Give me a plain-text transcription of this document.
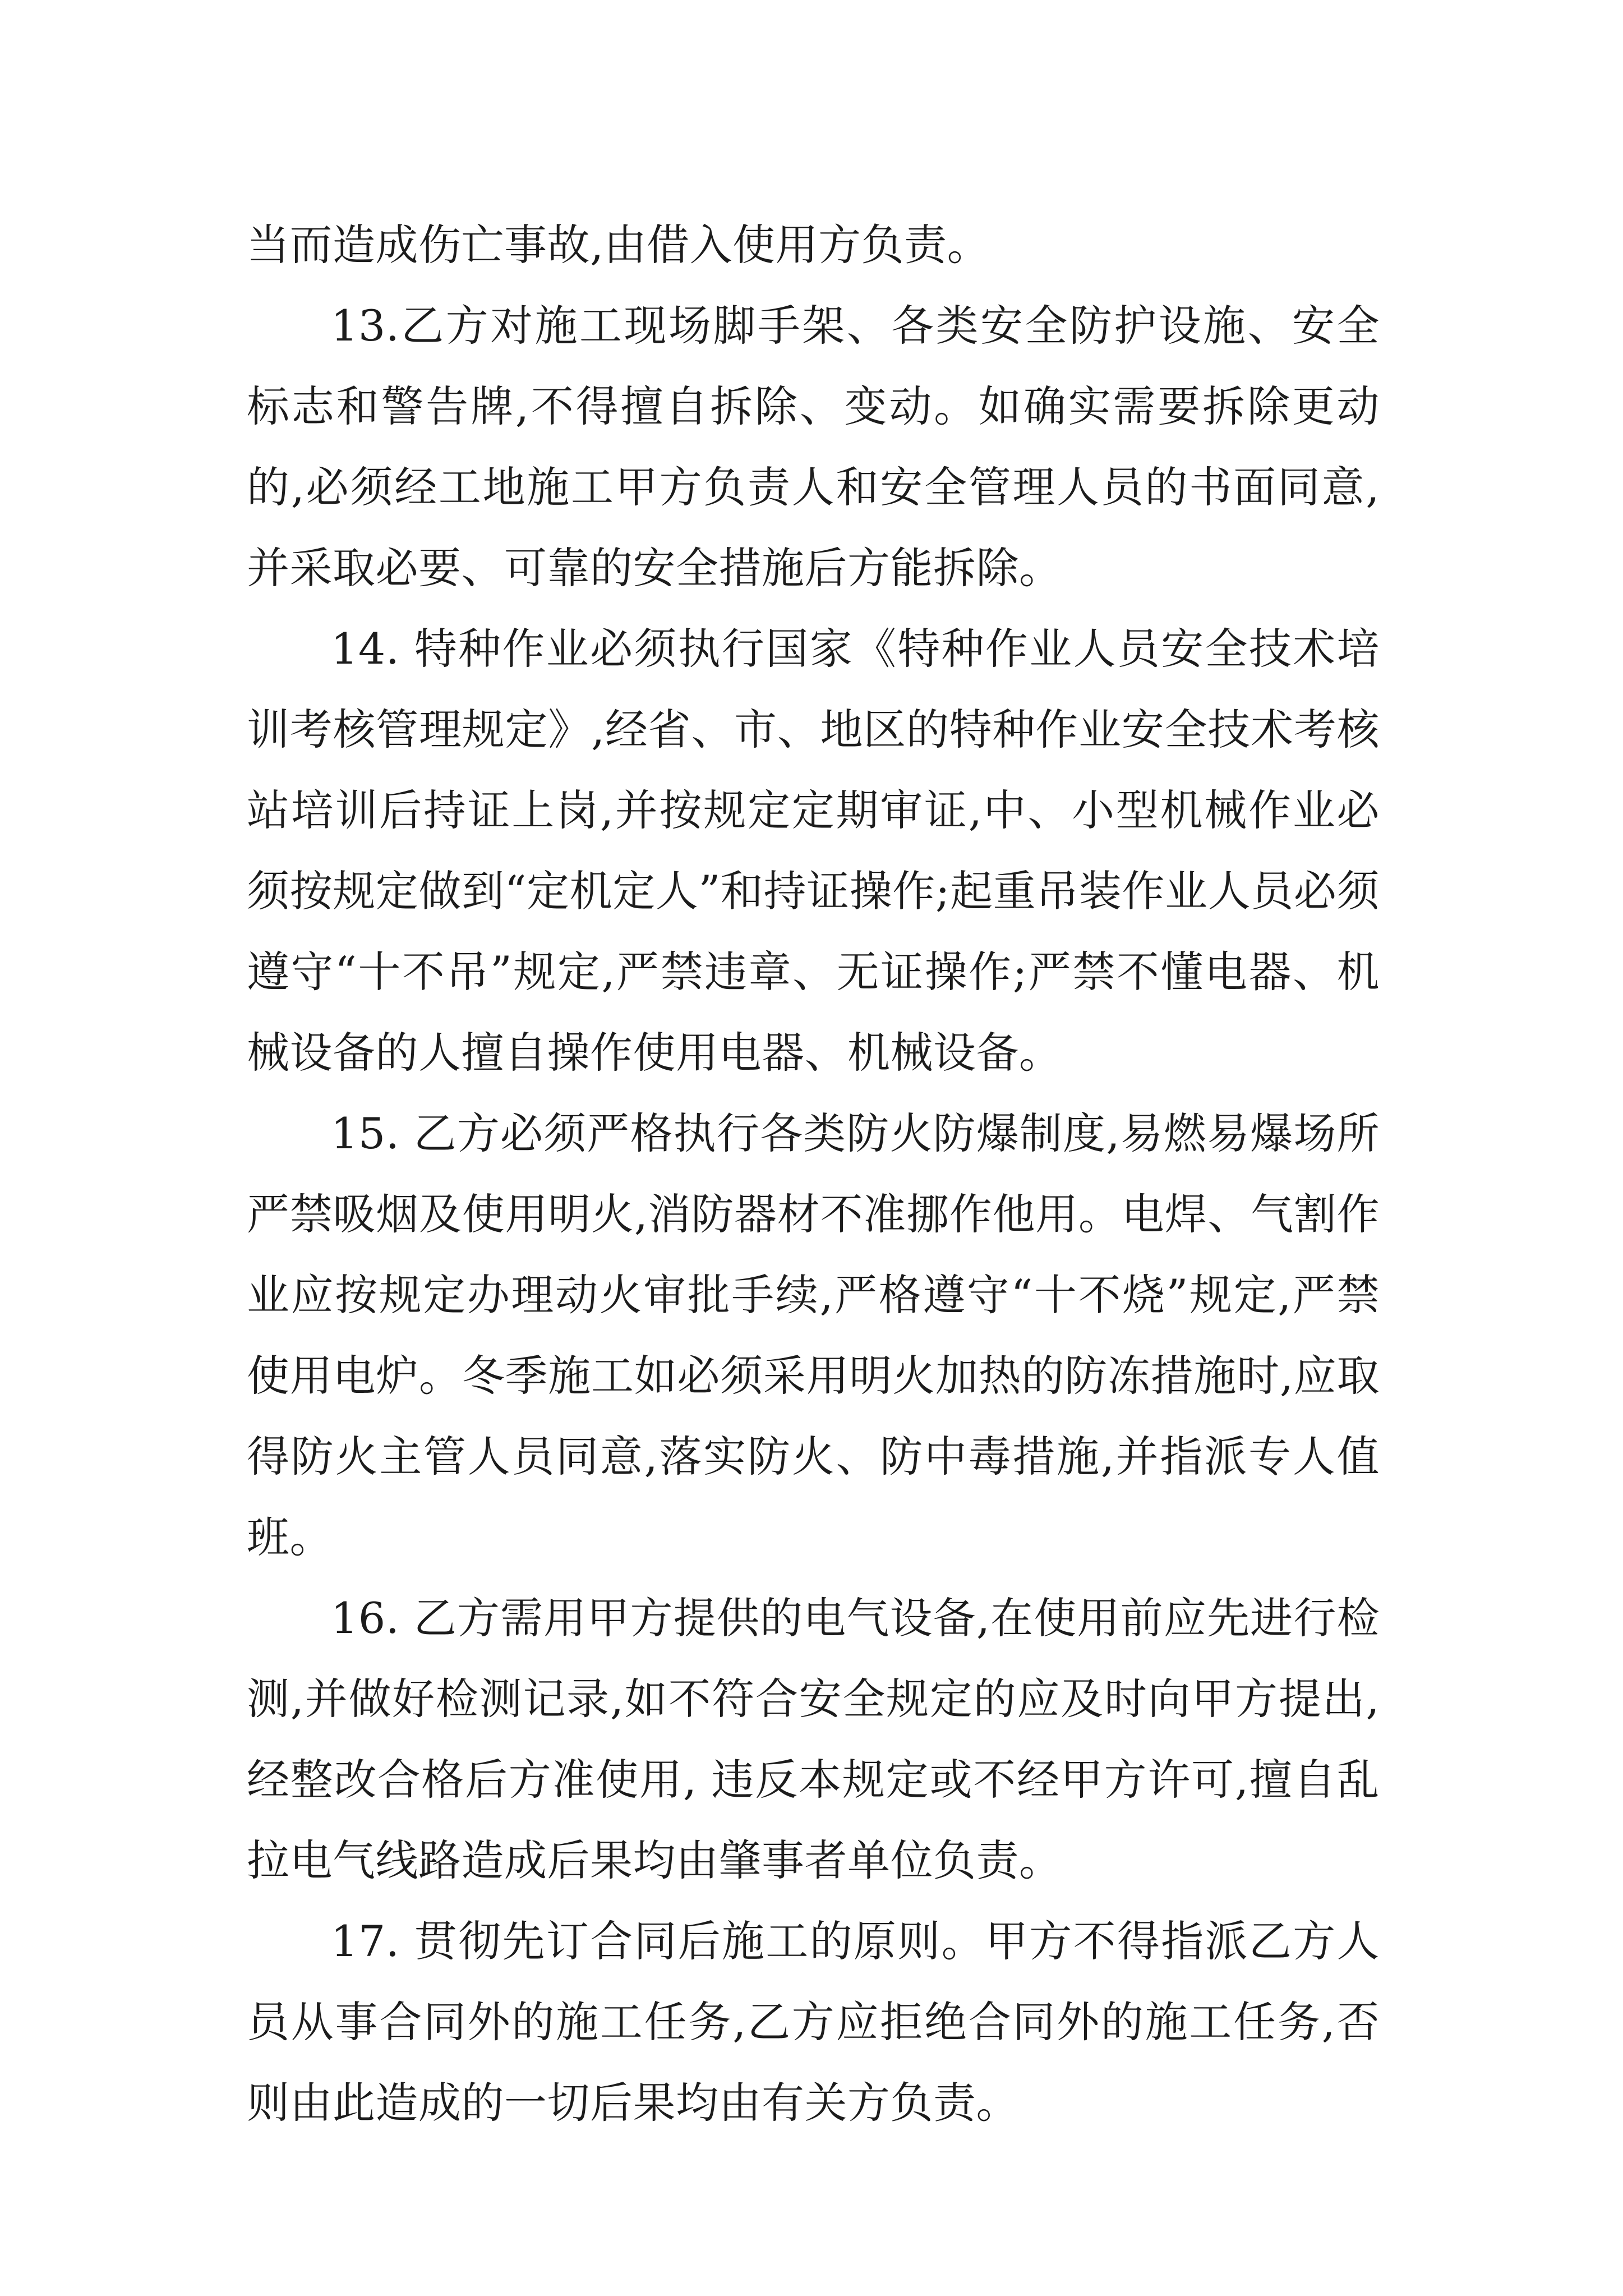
当而造成伤亡事故,由借入使用方负责。

13.乙方对施工现场脚手架、各类安全防护设施、安全标志和警告牌,不得擅自拆除、变动。如确实需要拆除更动的,必须经工地施工甲方负责人和安全管理人员的书面同意,并采取必要、可靠的安全措施后方能拆除。

14. 特种作业必须执行国家《特种作业人员安全技术培训考核管理规定》,经省、市、地区的特种作业安全技术考核站培训后持证上岗,并按规定定期审证,中、小型机械作业必须按规定做到“定机定人”和持证操作;起重吊装作业人员必须遵守“十不吊”规定,严禁违章、无证操作;严禁不懂电器、机械设备的人擅自操作使用电器、机械设备。

15. 乙方必须严格执行各类防火防爆制度,易燃易爆场所严禁吸烟及使用明火,消防器材不准挪作他用。电焊、气割作业应按规定办理动火审批手续,严格遵守“十不烧”规定,严禁使用电炉。冬季施工如必须采用明火加热的防冻措施时,应取得防火主管人员同意,落实防火、防中毒措施,并指派专人值班。

16. 乙方需用甲方提供的电气设备,在使用前应先进行检测,并做好检测记录,如不符合安全规定的应及时向甲方提出,经整改合格后方准使用, 违反本规定或不经甲方许可,擅自乱拉电气线路造成后果均由肇事者单位负责。

17. 贯彻先订合同后施工的原则。甲方不得指派乙方人员从事合同外的施工任务,乙方应拒绝合同外的施工任务,否则由此造成的一切后果均由有关方负责。
